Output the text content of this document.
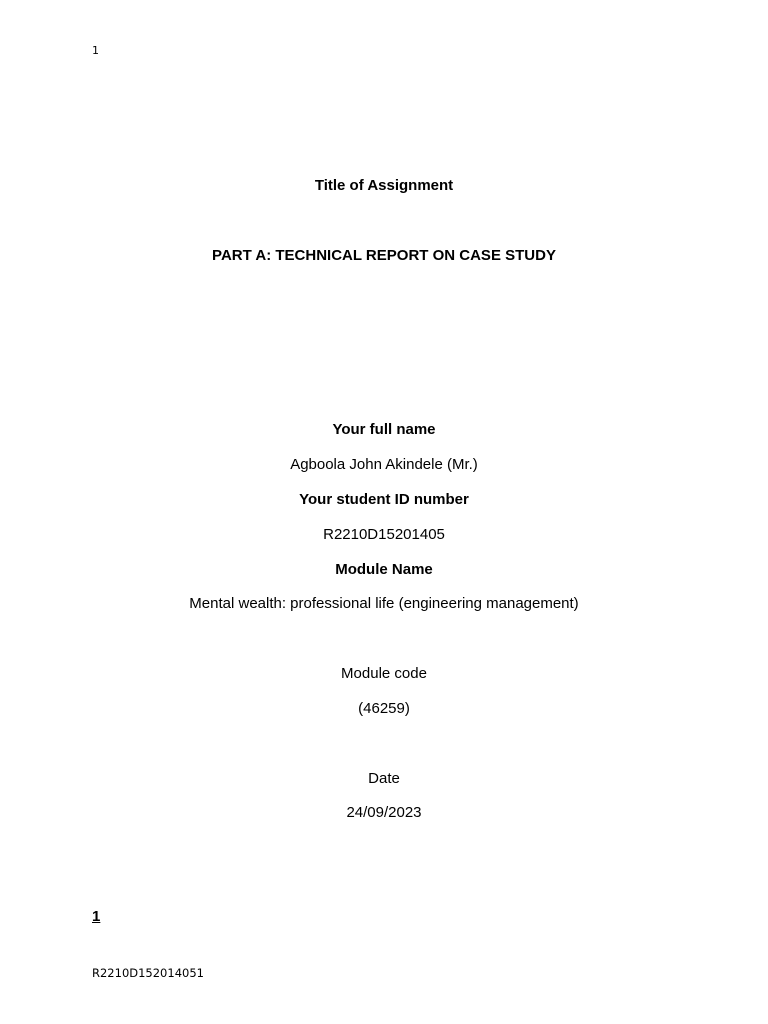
1
Title of Assignment
PART A: TECHNICAL REPORT ON CASE STUDY
Your full name
Agboola John Akindele (Mr.)
Your student ID number
R2210D15201405
Module Name
Mental wealth: professional life (engineering management)
Module code
(46259)
Date
24/09/2023
1
R2210D152014051
